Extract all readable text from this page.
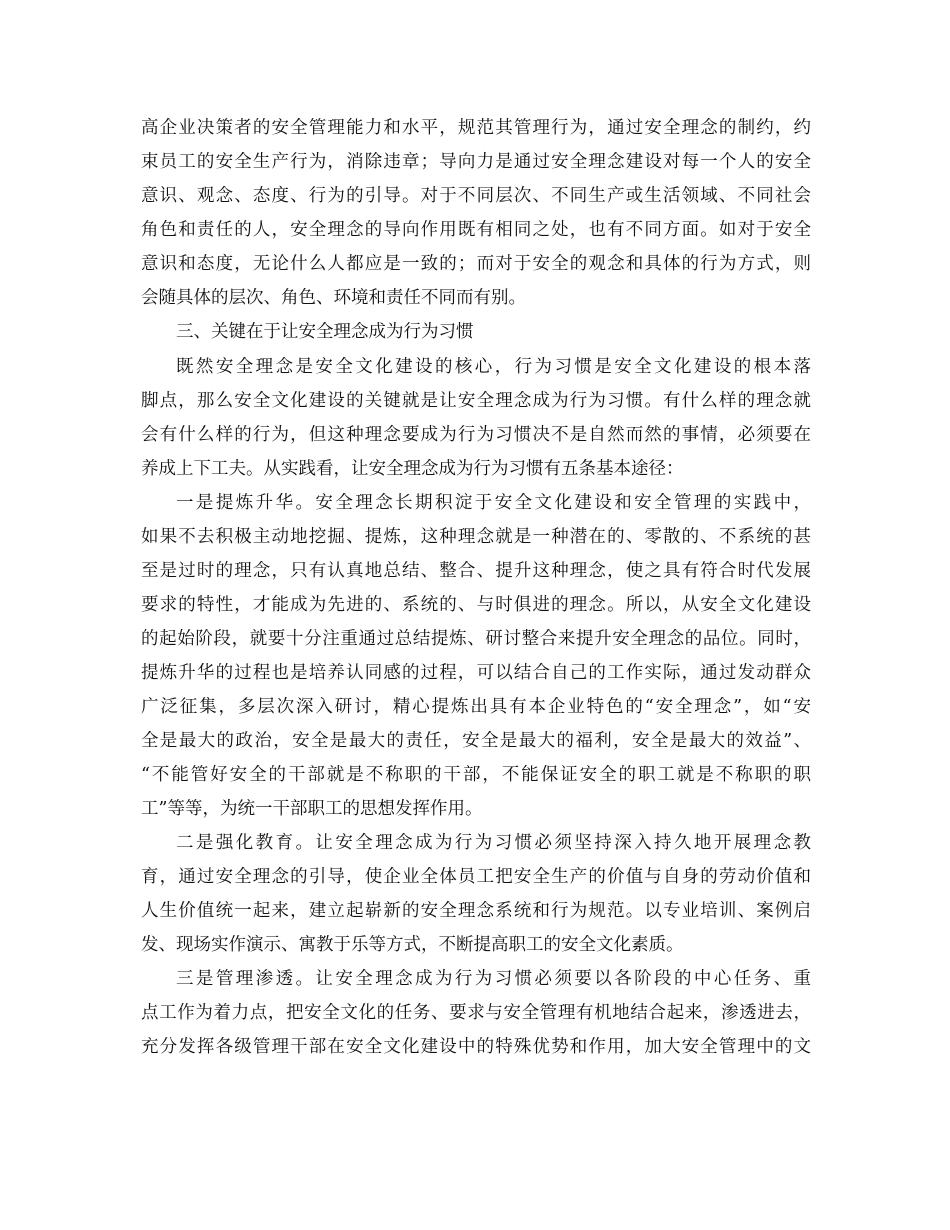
高企业决策者的安全管理能力和水平，规范其管理行为，通过安全理念的制约，约
束员工的安全生产行为，消除违章；导向力是通过安全理念建设对每一个人的安全
意识、观念、态度、行为的引导。对于不同层次、不同生产或生活领域、不同社会
角色和责任的人，安全理念的导向作用既有相同之处，也有不同方面。如对于安全
意识和态度，无论什么人都应是一致的；而对于安全的观念和具体的行为方式，则
会随具体的层次、角色、环境和责任不同而有别。
三、关键在于让安全理念成为行为习惯
既然安全理念是安全文化建设的核心，行为习惯是安全文化建设的根本落
脚点，那么安全文化建设的关键就是让安全理念成为行为习惯。有什么样的理念就
会有什么样的行为，但这种理念要成为行为习惯决不是自然而然的事情，必须要在
养成上下工夫。从实践看，让安全理念成为行为习惯有五条基本途径：
一是提炼升华。安全理念长期积淀于安全文化建设和安全管理的实践中，
如果不去积极主动地挖掘、提炼，这种理念就是一种潜在的、零散的、不系统的甚
至是过时的理念，只有认真地总结、整合、提升这种理念，使之具有符合时代发展
要求的特性，才能成为先进的、系统的、与时俱进的理念。所以，从安全文化建设
的起始阶段，就要十分注重通过总结提炼、研讨整合来提升安全理念的品位。同时，
提炼升华的过程也是培养认同感的过程，可以结合自己的工作实际，通过发动群众
广泛征集，多层次深入研讨，精心提炼出具有本企业特色的“安全理念”，如“安
全是最大的政治，安全是最大的责任，安全是最大的福利，安全是最大的效益”、
“不能管好安全的干部就是不称职的干部，不能保证安全的职工就是不称职的职
工”等等，为统一干部职工的思想发挥作用。
二是强化教育。让安全理念成为行为习惯必须坚持深入持久地开展理念教
育，通过安全理念的引导，使企业全体员工把安全生产的价值与自身的劳动价值和
人生价值统一起来，建立起崭新的安全理念系统和行为规范。以专业培训、案例启
发、现场实作演示、寓教于乐等方式，不断提高职工的安全文化素质。
三是管理渗透。让安全理念成为行为习惯必须要以各阶段的中心任务、重
点工作为着力点，把安全文化的任务、要求与安全管理有机地结合起来，渗透进去，
充分发挥各级管理干部在安全文化建设中的特殊优势和作用，加大安全管理中的文
